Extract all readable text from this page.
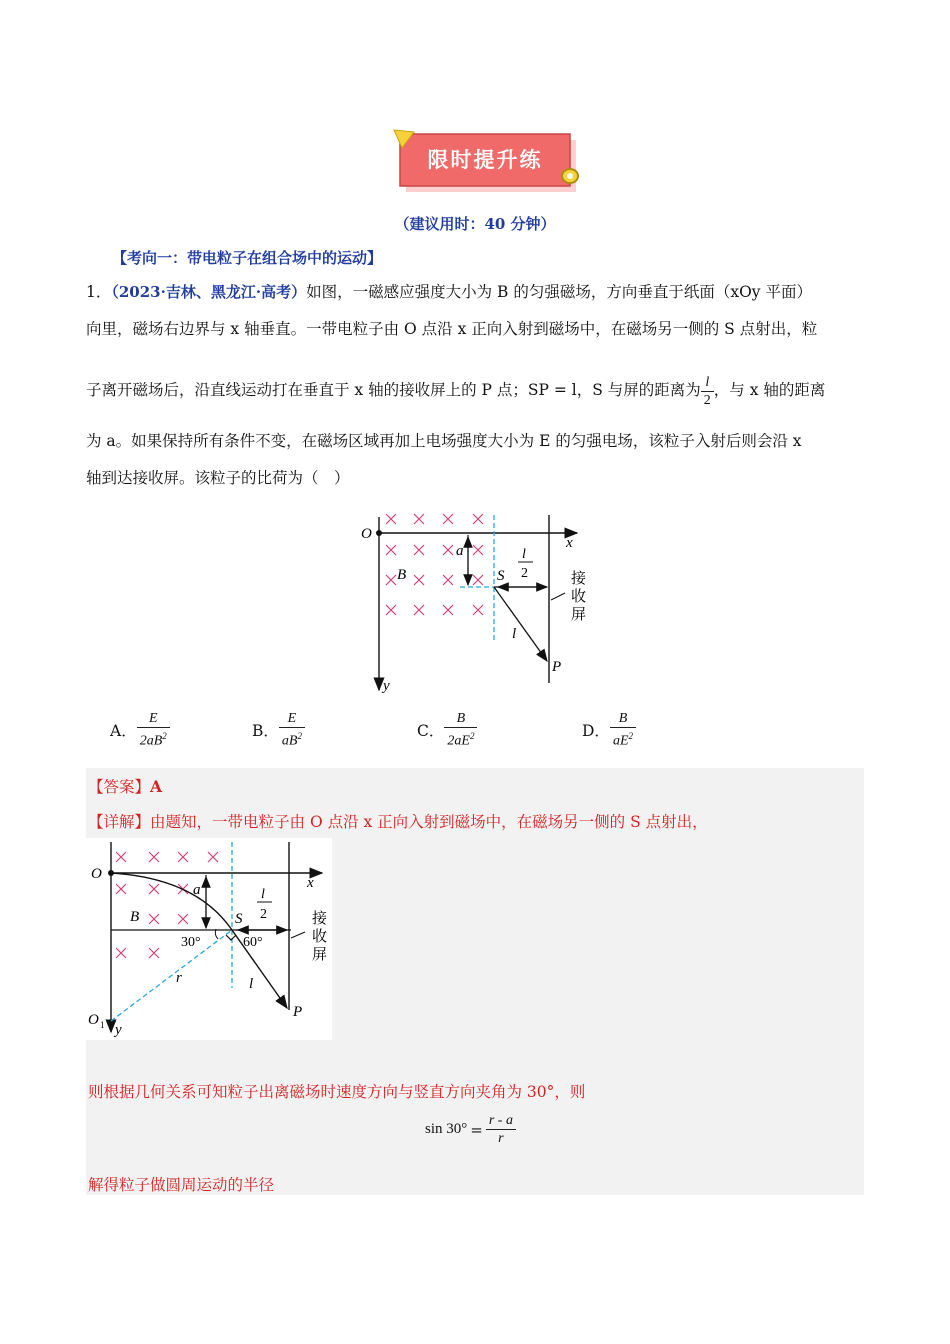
限时提升练
（建议用时：40 分钟）
【考向一：带电粒子在组合场中的运动】
1．（2023·吉林、黑龙江·高考）如图，一磁感应强度大小为 B 的匀强磁场，方向垂直于纸面（xOy 平面）
向里，磁场右边界与 x 轴垂直。一带电粒子由 O 点沿 x 正向入射到磁场中，在磁场另一侧的 S 点射出，粒
子离开磁场后，沿直线运动打在垂直于 x 轴的接收屏上的 P 点；SP = l，S 与屏的距离为 $\frac{l}{2}$ ，与 x 轴的距离
为 a。如果保持所有条件不变，在磁场区域再加上电场强度大小为 E 的匀强电场，该粒子入射后则会沿 x
轴到达接收屏。该粒子的比荷为（　）
O
x
y
a
B	S
l
2
l
P
接
收
屏
A． $\frac{E}{2aB^2}$	B． $\frac{E}{aB^2}$	C． $\frac{B}{2aE^2}$	D． $\frac{B}{aE^2}$
【答案】A
【详解】由题知，一带电粒子由 O 点沿 x 正向入射到磁场中，在磁场另一侧的 S 点射出，
O
x
y
O 1
a
B	S
l
2
30°	60°
r	l
P
接
收
屏
则根据几何关系可知粒子出离磁场时速度方向与竖直方向夹角为 30°，则
$\sin 30^\circ = \frac{r - a}{r}$
解得粒子做圆周运动的半径
